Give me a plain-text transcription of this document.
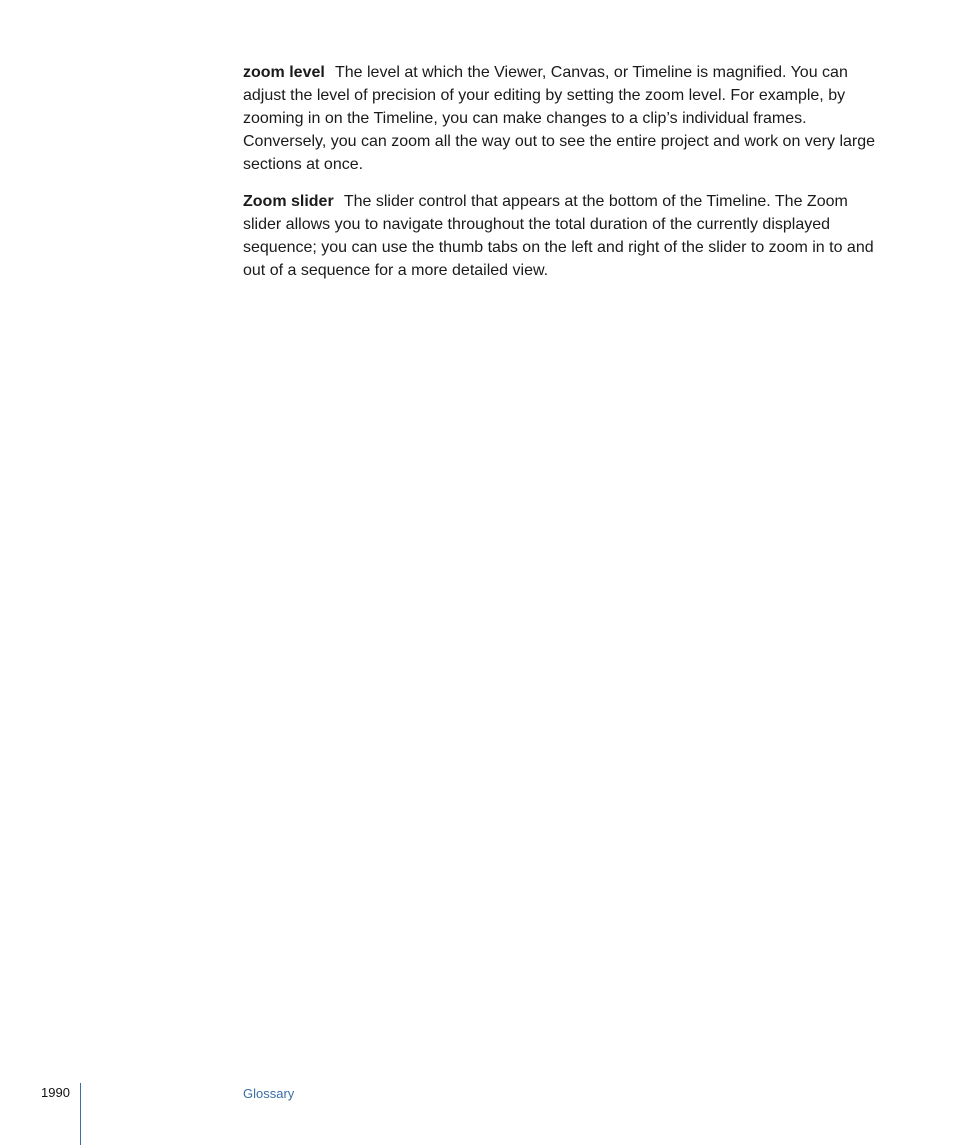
zoom level The level at which the Viewer, Canvas, or Timeline is magnified. You can adjust the level of precision of your editing by setting the zoom level. For example, by zooming in on the Timeline, you can make changes to a clip’s individual frames. Conversely, you can zoom all the way out to see the entire project and work on very large sections at once.

Zoom slider The slider control that appears at the bottom of the Timeline. The Zoom slider allows you to navigate throughout the total duration of the currently displayed sequence; you can use the thumb tabs on the left and right of the slider to zoom in to and out of a sequence for a more detailed view.

1990	Glossary
